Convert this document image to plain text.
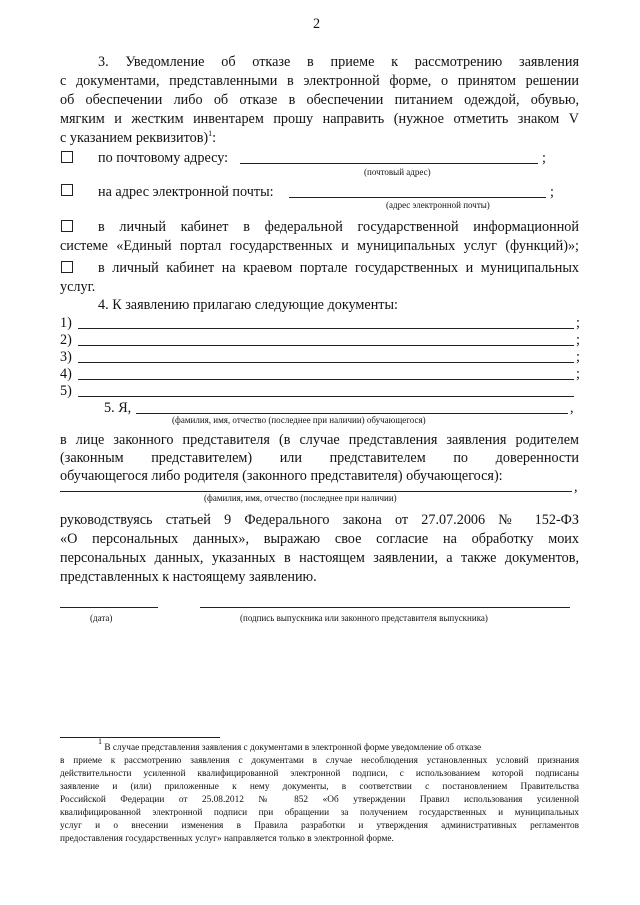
2
3. Уведомление об отказе в приеме к рассмотрению заявления
с документами, представленными в электронной форме, о принятом решении
об обеспечении либо об отказе в обеспечении питанием одеждой, обувью,
мягким и жестким инвентарем прошу направить (нужное отметить знаком V
с указанием реквизитов)$^1$:
по почтовому адресу:	;
(почтовый адрес)
на адрес электронной почты:	;
(адрес электронной почты)
в личный кабинет в федеральной государственной информационной
системе «Единый портал государственных и муниципальных услуг (функций)»;
в личный кабинет на краевом портале государственных и муниципальных
услуг.
4. К заявлению прилагаю следующие документы:
1)	;
2)	;
3)	;
4)	;
5)
5. Я,	,
(фамилия, имя, отчество (последнее при наличии) обучающегося)
в лице законного представителя (в случае представления заявления родителем
(законным представителем) или представителем по доверенности
обучающегося либо родителя (законного представителя) обучающегося):
,
(фамилия, имя, отчество (последнее при наличии)
руководствуясь статьей 9 Федерального закона от 27.07.2006 № 152-ФЗ
«О персональных данных», выражаю свое согласие на обработку моих
персональных данных, указанных в настоящем заявлении, а также документов,
представленных к настоящему заявлению.
(дата)	(подпись выпускника или законного представителя выпускника)
$^1$ В случае представления заявления с документами в электронной форме уведомление об отказе
в приеме к рассмотрению заявления с документами в случае несоблюдения установленных условий признания
действительности усиленной квалифицированной электронной подписи, с использованием которой подписаны
заявление и (или) приложенные к нему документы, в соответствии с постановлением Правительства
Российской Федерации от 25.08.2012 № 852 «Об утверждении Правил использования усиленной
квалифицированной электронной подписи при обращении за получением государственных и муниципальных
услуг и о внесении изменения в Правила разработки и утверждения административных регламентов
предоставления государственных услуг» направляется только в электронной форме.
